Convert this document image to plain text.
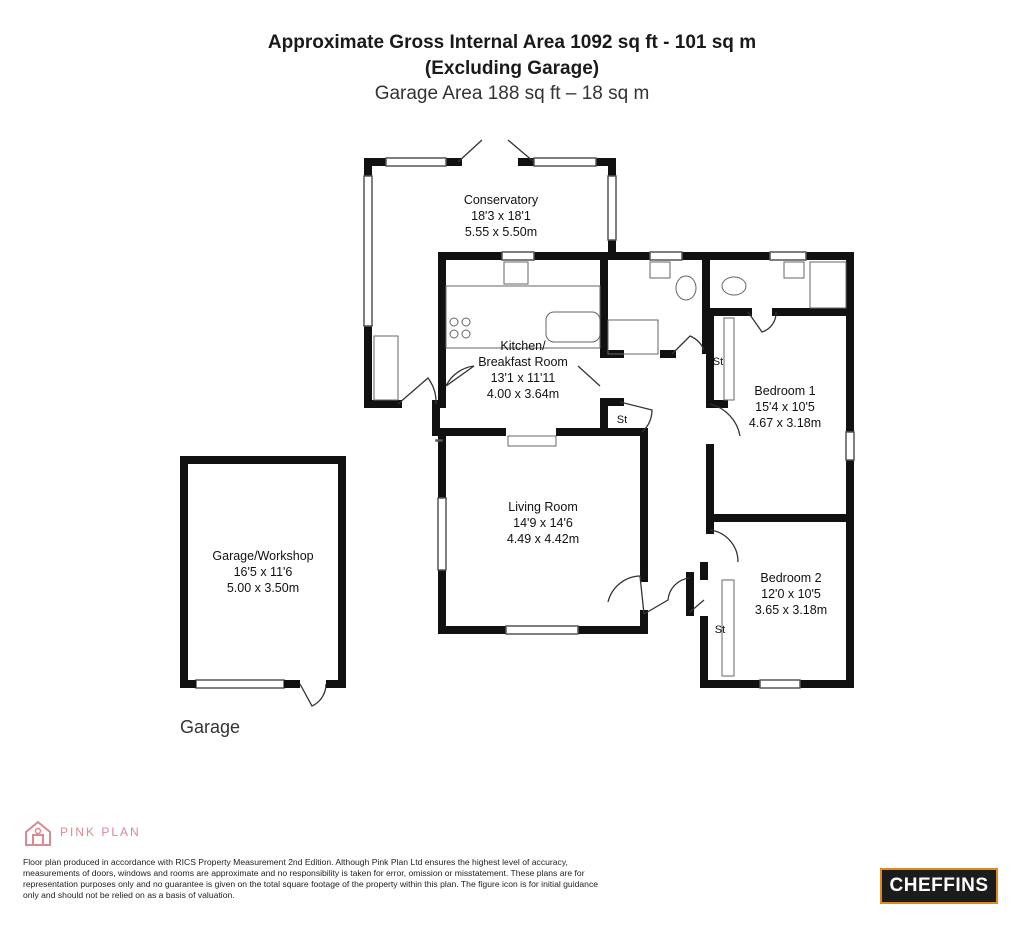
Approximate Gross Internal Area 1092 sq ft - 101 sq m
(Excluding Garage)
Garage Area 188 sq ft – 18 sq m
Conservatory
18'3 x 18'1
5.55 x 5.50m
Kitchen/
Breakfast Room
13'1 x 11'11
4.00 x 3.64m
Living Room
14'9 x 14'6
4.49 x 4.42m
Bedroom 1
15'4 x 10'5
4.67 x 3.18m
Bedroom 2
12'0 x 10'5
3.65 x 3.18m
Garage/Workshop
16'5 x 11'6
5.00 x 3.50m
St
St
St
Garage
PINK PLAN
Floor plan produced in accordance with RICS Property Measurement 2nd Edition. Although Pink Plan Ltd ensures the highest level of accuracy, measurements of doors, windows and rooms are approximate and no responsibility is taken for error, omission or misstatement. These plans are for representation purposes only and no guarantee is given on the total square footage of the property within this plan. The figure icon is for initial guidance only and should not be relied on as a basis of valuation.	CHEFFINS
